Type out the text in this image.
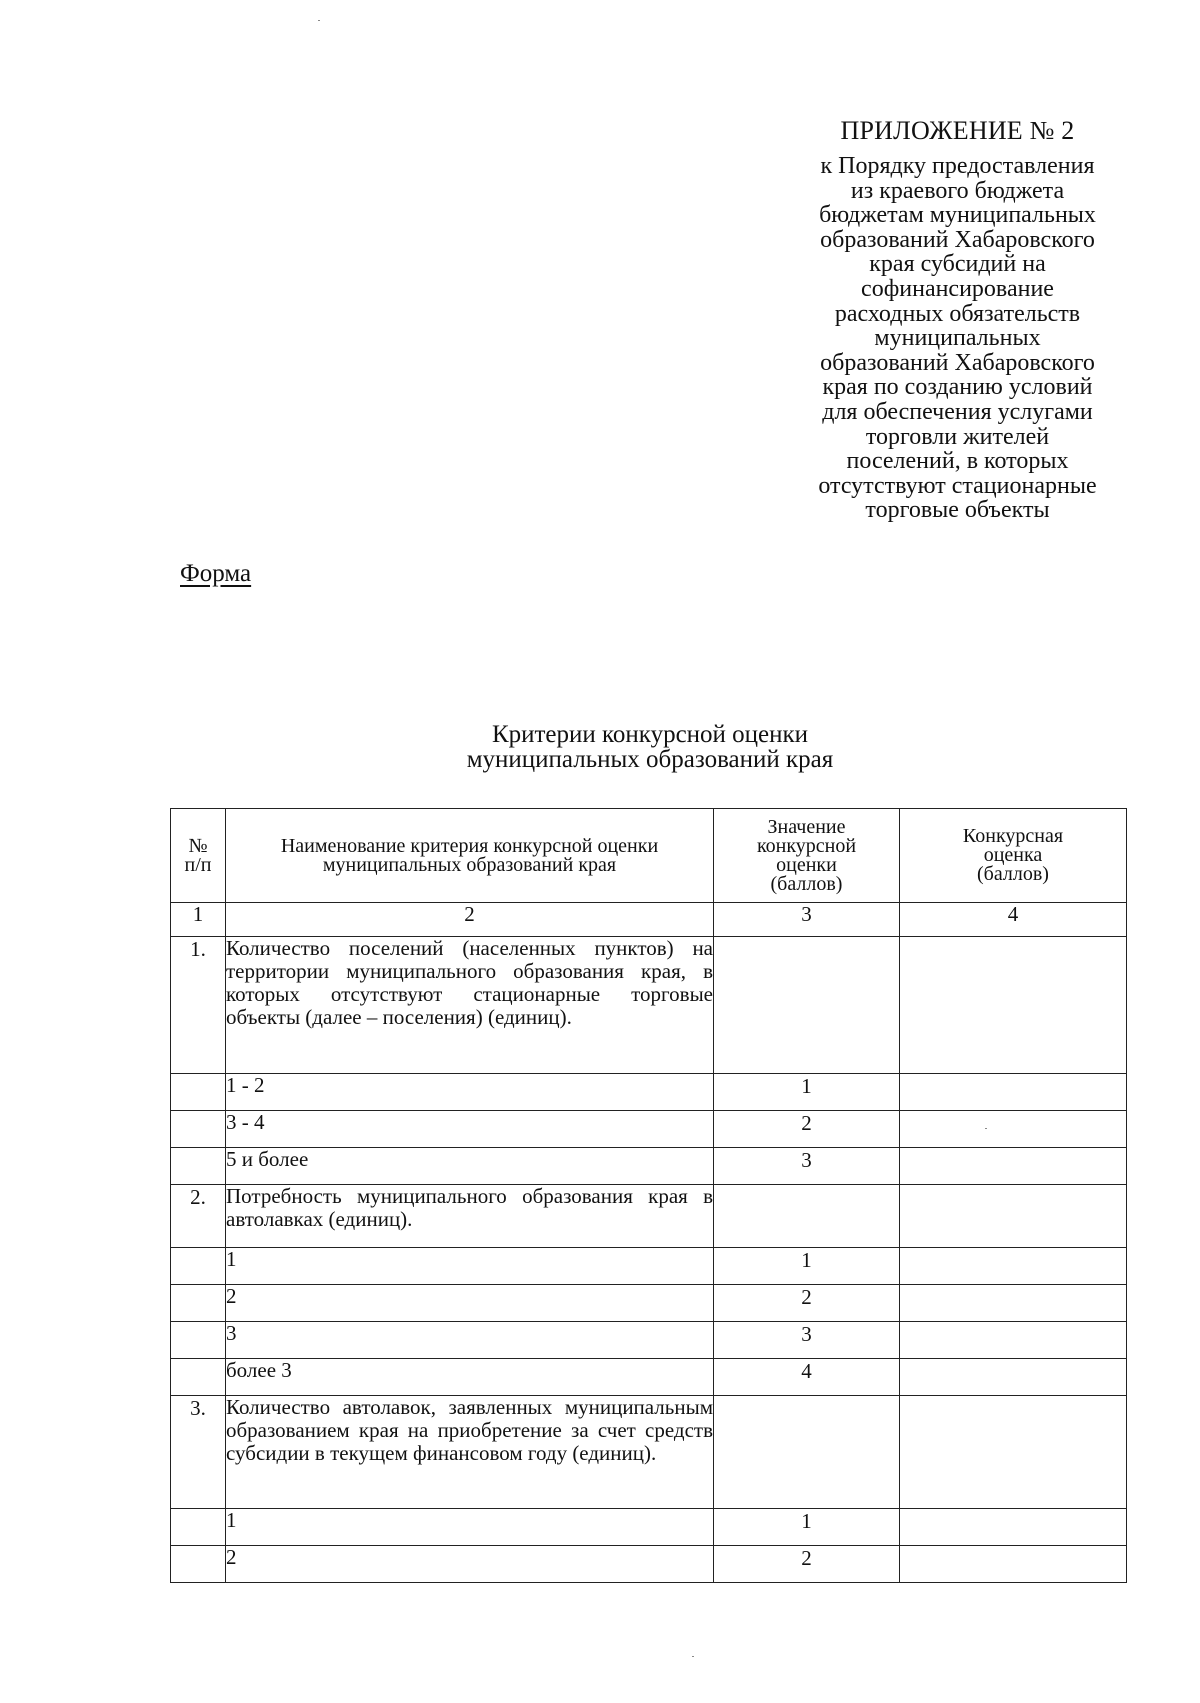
ПРИЛОЖЕНИЕ № 2
к Порядку предоставления
из краевого бюджета
бюджетам муниципальных
образований Хабаровского
края субсидий на
софинансирование
расходных обязательств
муниципальных
образований Хабаровского
края по созданию условий
для обеспечения услугами
торговли жителей
поселений, в которых
отсутствуют стационарные
торговые объекты
Форма
Критерии конкурсной оценки
муниципальных образований края
№ п/п	Наименование критерия конкурсной оценки муниципальных образований края	Значение конкурсной оценки (баллов)	Конкурсная оценка (баллов)

1	2	3	4
1.	Количество поселений (населенных пунктов) на территории муниципального образования края, в которых отсутствуют стационарные торговые объекты (далее – поселения) (единиц).		
	1 - 2	1	
	3 - 4	2	
	5 и более	3	
2.	Потребность муниципального образования края в автолавках (единиц).		
	1	1	
	2	2	
	3	3	
	более 3	4	
3.	Количество автолавок, заявленных муниципальным образованием края на приобретение за счет средств субсидии в текущем финансовом году (единиц).		
	1	1	
	2	2	
